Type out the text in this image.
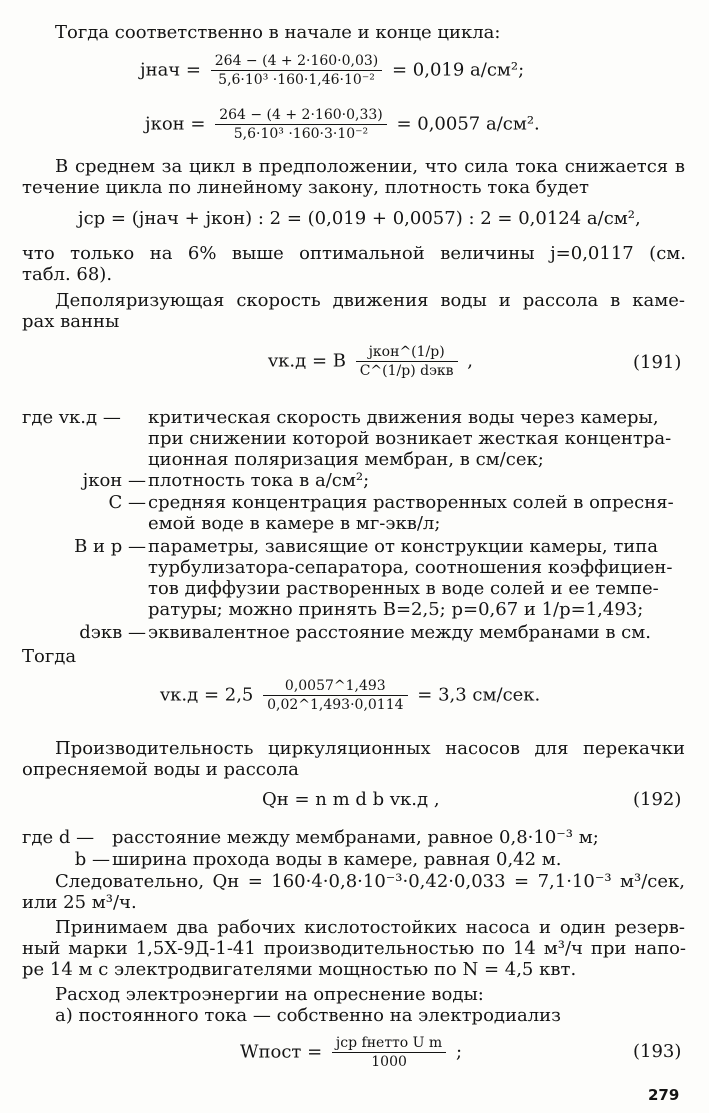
Тогда соответственно в начале и конце цикла:
jнач = $\frac{264 - (4 + 2\cdot 160\cdot 0,03)}{\text{5,6·10³ ·160·1,46·10⁻²}} = 0,019$ а/см²;
jкон = $\frac{264 - (4 + 2\cdot 160\cdot 0,33)}{\text{5,6·10³ ·160·3·10⁻²}} = 0,0057$ а/см².
В среднем за цикл в предположении, что сила тока снижается в
течение цикла по линейному закону, плотность тока будет
jср = (jнач + jкон) : 2 = (0,019 + 0,0057) : 2 = 0,0124 а/см²,
что только на 6% выше оптимальной величины j=0,0117 (см.
табл. 68).
Деполяризующая скорость движения воды и рассола в каме-
рах ванны
vк.д = B $\frac{\text{jкон\textasciicircum{}(1/p)}}{\text{C\textasciicircum{}(1/p) dэкв}}$ ,	(191)
где vк.д —	критическая скорость движения воды через камеры,
при снижении которой возникает жесткая концентра-
ционная поляризация мембран, в см/сек;
jкон — плотность тока в а/см²;
C — средняя концентрация растворенных солей в опресня-
емой воде в камере в мг-экв/л;
B и p — параметры, зависящие от конструкции камеры, типа
турбулизатора-сепаратора, соотношения коэффициен-
тов диффузии растворенных в воде солей и ее темпе-
ратуры; можно принять B=2,5; p=0,67 и 1/p=1,493;
dэкв — эквивалентное расстояние между мембранами в см.
Тогда
$vк.д = 2,5 \frac{0,0057\^{}1,493}{0,02\^{}1,493\cdot 0,0114} = 3,3$ см/сек.
Производительность циркуляционных насосов для перекачки
опресняемой воды и рассола
Qн = n m d b vк.д ,	(192)
где d — расстояние между мембранами, равное 0,8·10⁻³ м;
b — ширина прохода воды в камере, равная 0,42 м.
Следовательно, Qн = 160·4·0,8·10⁻³·0,42·0,033 = 7,1·10⁻³ м³/сек,
или 25 м³/ч.
Принимаем два рабочих кислотостойких насоса и один резерв-
ный марки 1,5Х-9Д-1-41 производительностью по 14 м³/ч при напо-
ре 14 м с электродвигателями мощностью по N = 4,5 квт.
Расход электроэнергии на опреснение воды:
а) постоянного тока — собственно на электродиализ
Wпост = $\frac{\text{jср fнетто U m}}{1000}$ ;	(193)
279
